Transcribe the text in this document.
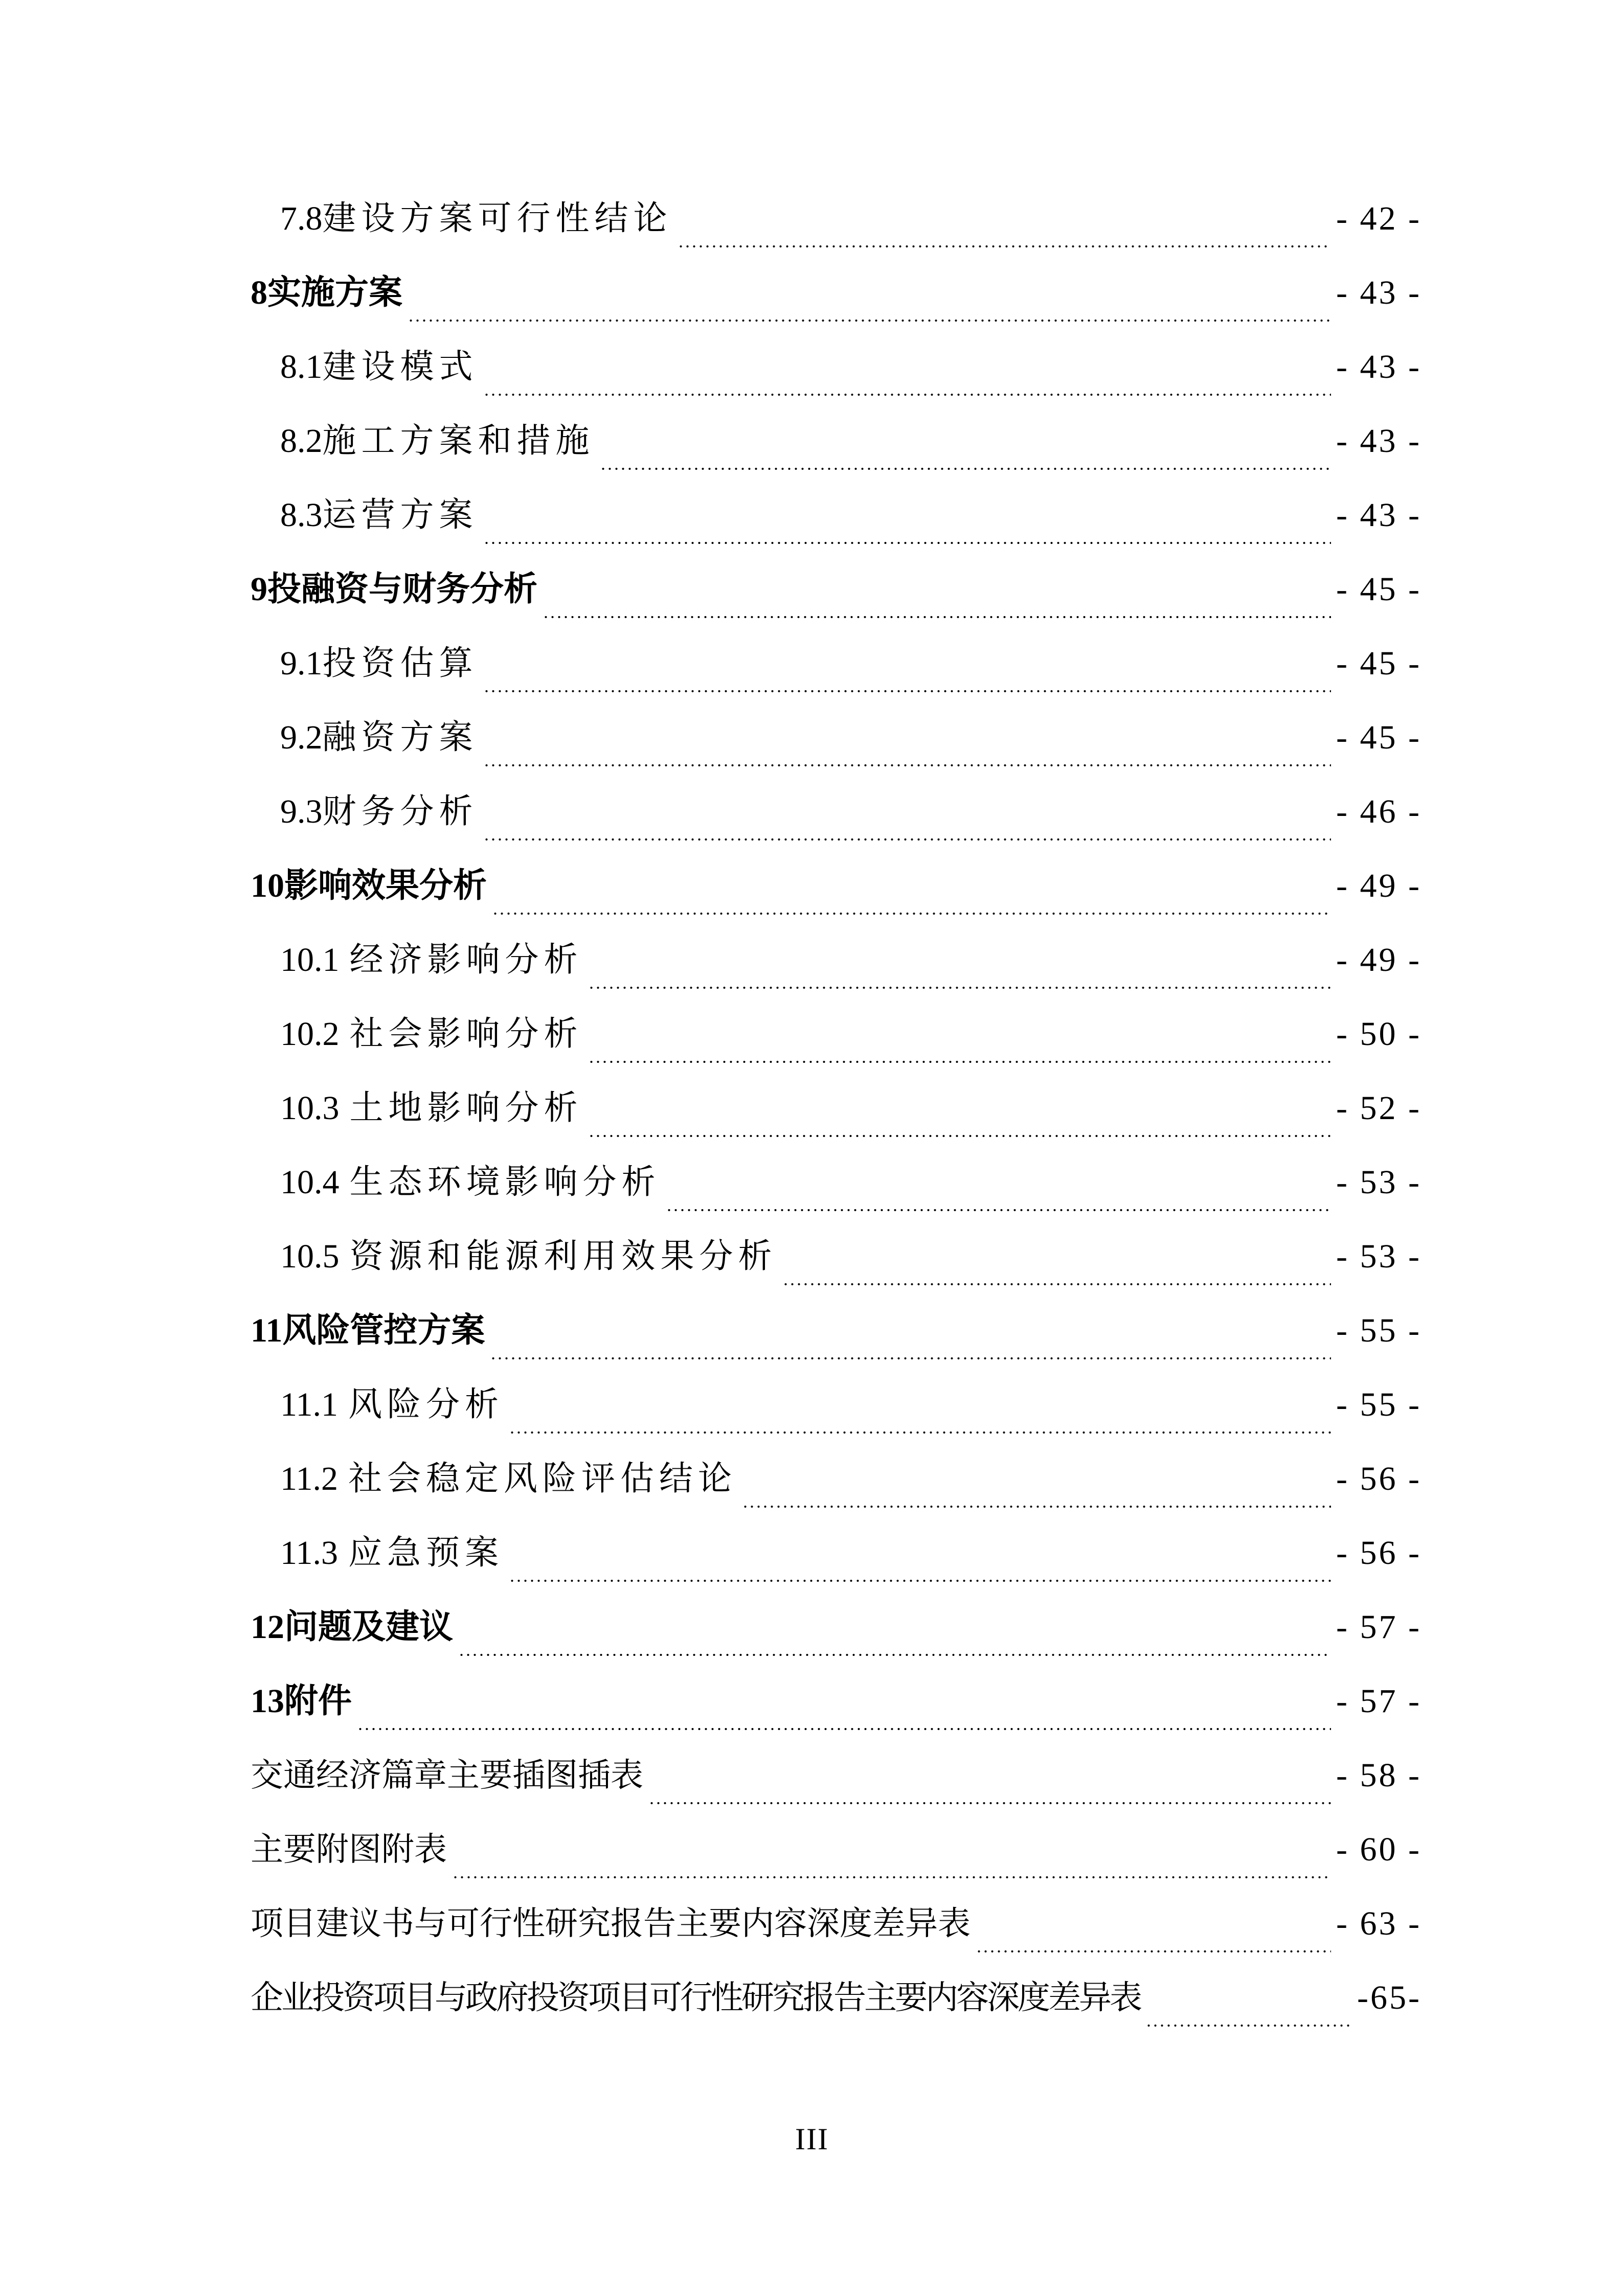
7.8 建设方案可行性结论	- 42 -
8 实施方案	- 43 -
8.1 建设模式	- 43 -
8.2 施工方案和措施	- 43 -
8.3 运营方案	- 43 -
9 投融资与财务分析	- 45 -
9.1 投资估算	- 45 -
9.2 融资方案	- 45 -
9.3 财务分析	- 46 -
10 影响效果分析	- 49 -
10.1 经济影响分析	- 49 -
10.2 社会影响分析	- 50 -
10.3 土地影响分析	- 52 -
10.4 生态环境影响分析	- 53 -
10.5 资源和能源利用效果分析	- 53 -
11 风险管控方案	- 55 -
11.1 风险分析	- 55 -
11.2 社会稳定风险评估结论	- 56 -
11.3 应急预案	- 56 -
12 问题及建议	- 57 -
13 附件	- 57 -
交通经济篇章主要插图插表	- 58 -
主要附图附表	- 60 -
项目建议书与可行性研究报告主要内容深度差异表	- 63 -
企业投资项目与政府投资项目可行性研究报告主要内容深度差异表	-65-
III
